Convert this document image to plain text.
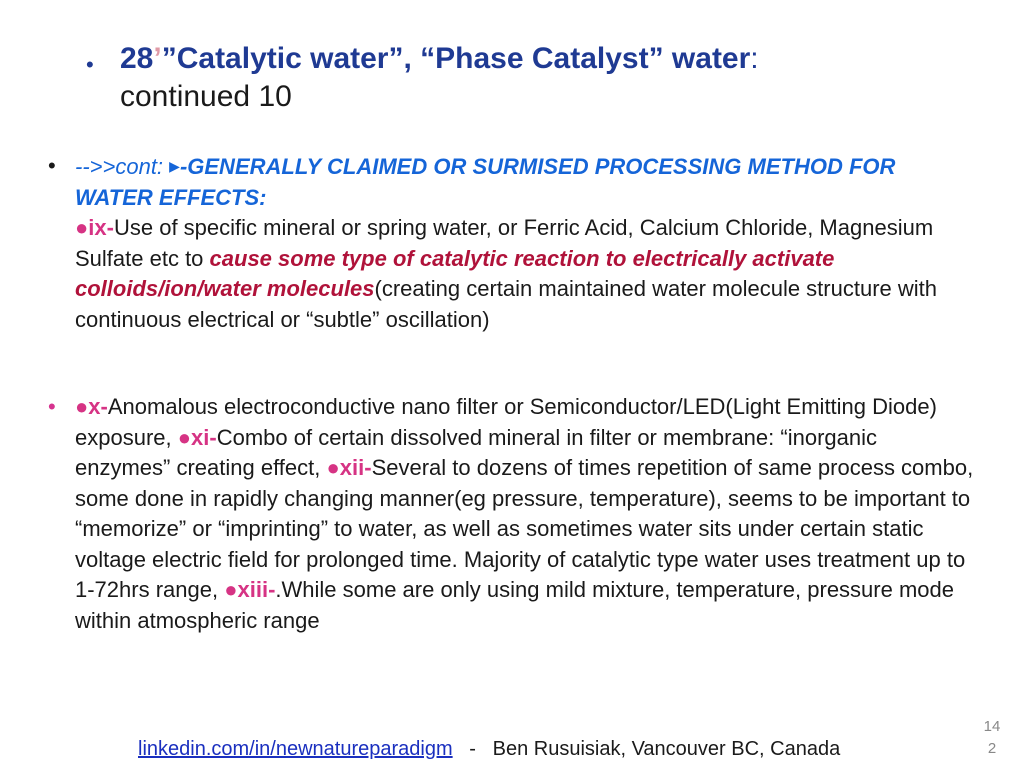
• 28’”Catalytic water”, “Phase Catalyst” water:
continued 10
• -->>cont: ▶-GENERALLY CLAIMED OR SURMISED PROCESSING METHOD FOR WATER EFFECTS:
●ix-Use of specific mineral or spring water, or Ferric Acid, Calcium Chloride, Magnesium Sulfate etc to cause some type of catalytic reaction to electrically activate colloids/ion/water molecules(creating certain maintained water molecule structure with continuous electrical or “subtle” oscillation)
• ●x-Anomalous electroconductive nano filter or Semiconductor/LED(Light Emitting Diode) exposure, ●xi-Combo of certain dissolved mineral in filter or membrane: “inorganic enzymes” creating effect, ●xii-Several to dozens of times repetition of same process combo, some done in rapidly changing manner(eg pressure, temperature), seems to be important to “memorize” or “imprinting” to water, as well as sometimes water sits under certain static voltage electric field for prolonged time. Majority of catalytic type water uses treatment up to 1-72hrs range, ●xiii-.While some are only using mild mixture, temperature, pressure mode within atmospheric range
linkedin.com/in/newnatureparadigm   -   Ben Rusuisiak, Vancouver BC, Canada
14
2
